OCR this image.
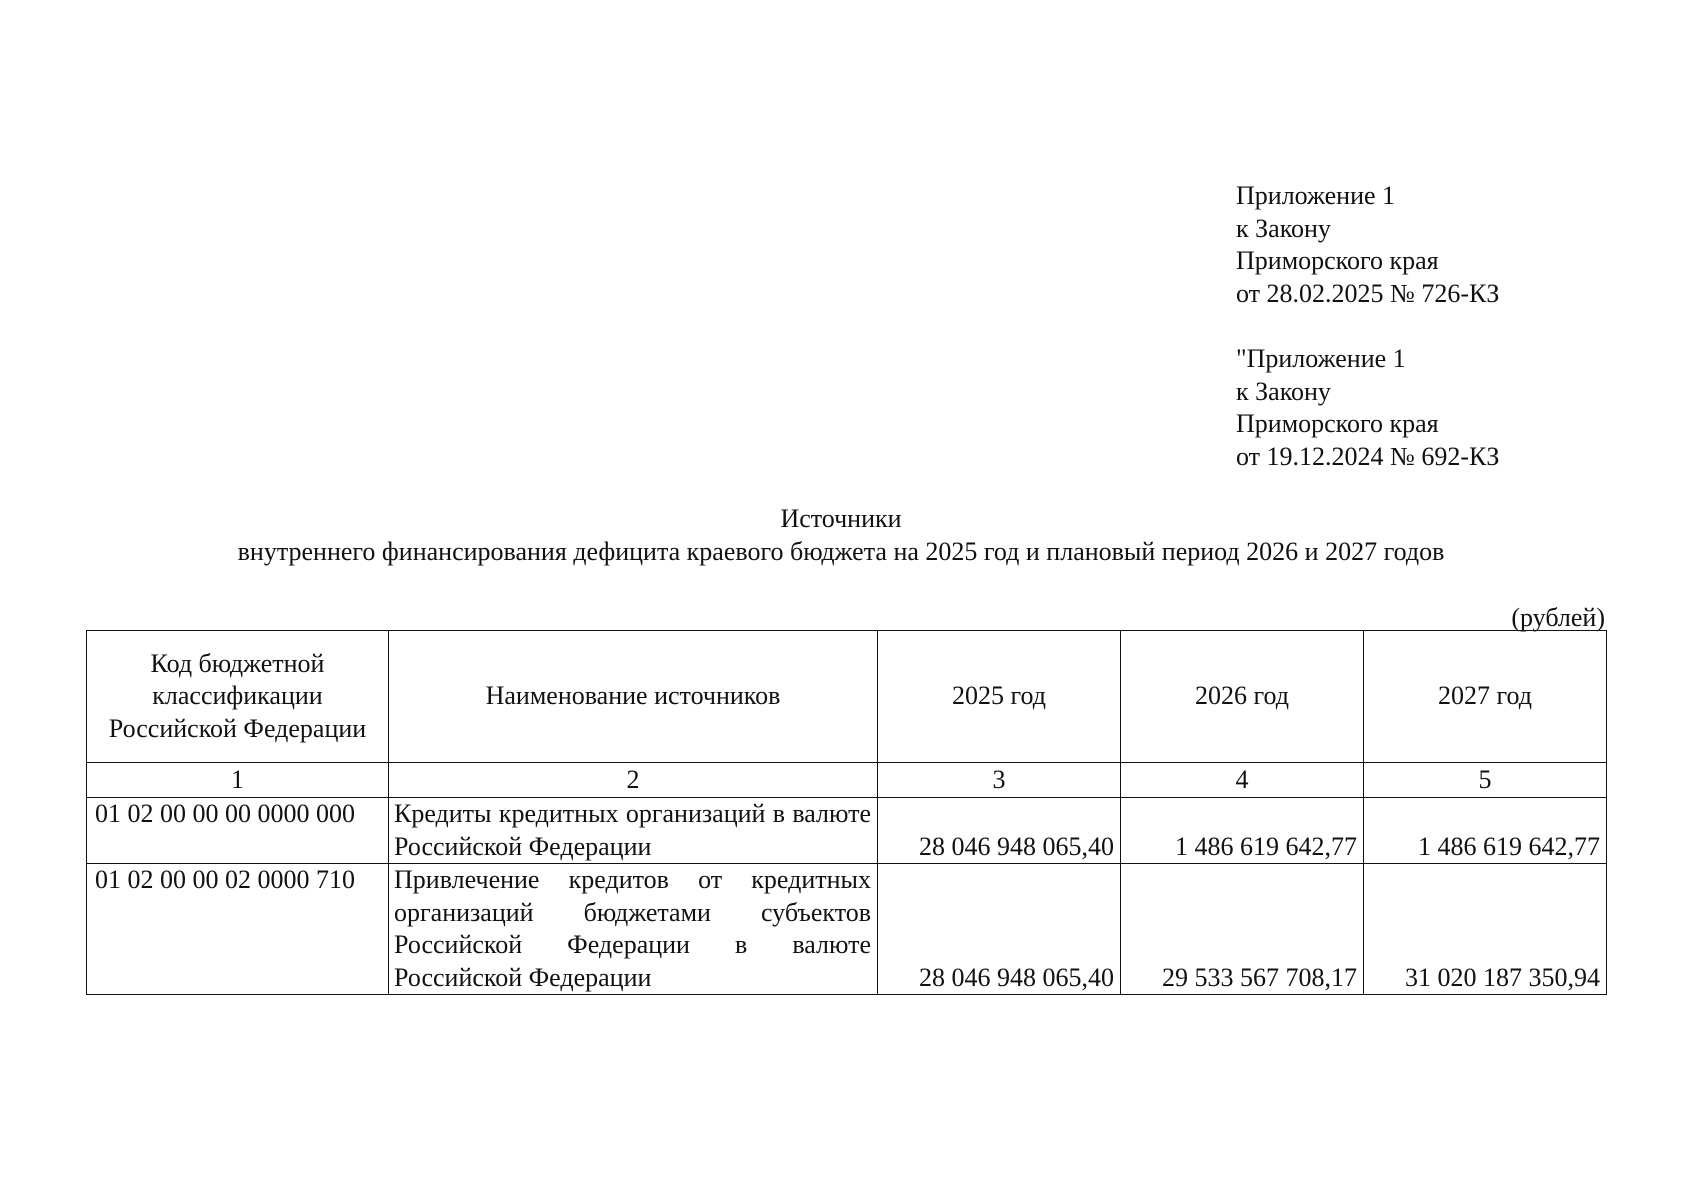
Приложение 1
к Закону
Приморского края
от 28.02.2025 № 726-КЗ
"Приложение 1
к Закону
Приморского края
от 19.12.2024 № 692-КЗ
Источники
внутреннего финансирования дефицита краевого бюджета на 2025 год и плановый период 2026 и 2027 годов
(рублей)
Код бюджетной классификации Российской Федерации	Наименование источников	2025 год	2026 год	2027 год
1	2	3	4	5
01 02 00 00 00 0000 000	Кредиты кредитных организаций в валюте Российской Федерации	28 046 948 065,40	1 486 619 642,77	1 486 619 642,77
01 02 00 00 02 0000 710	Привлечение кредитов от кредитных организаций бюджетами субъектов Российской Федерации в валюте Российской Федерации	28 046 948 065,40	29 533 567 708,17	31 020 187 350,94
